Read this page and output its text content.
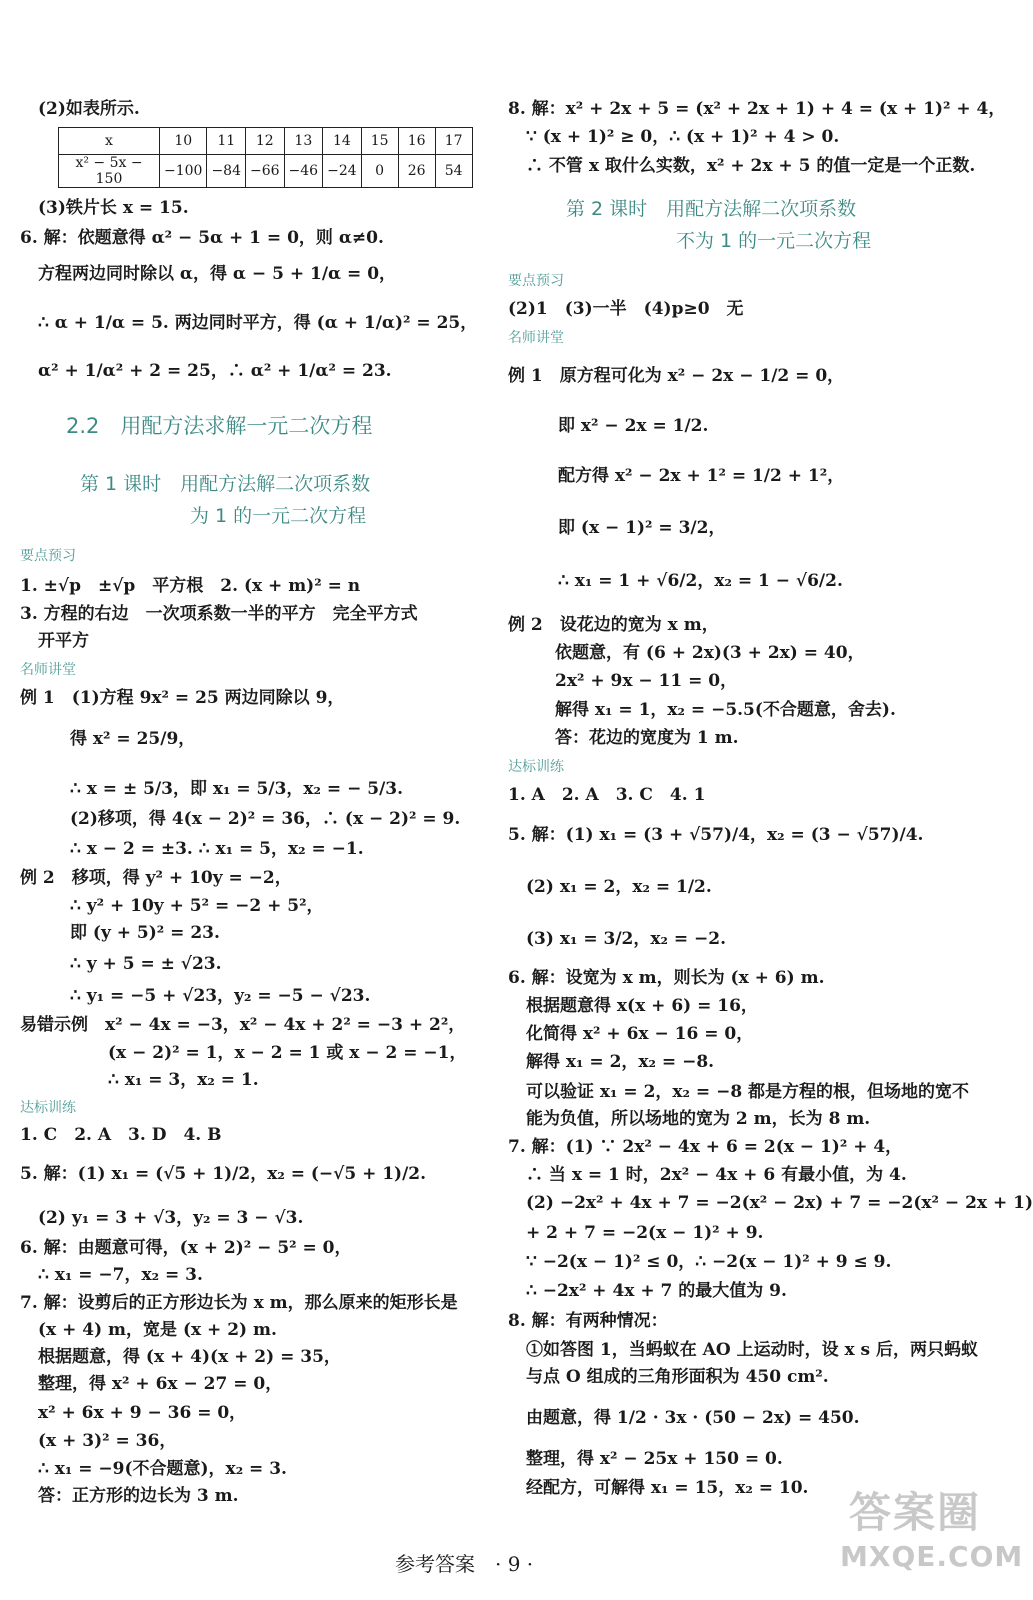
(2)如表所示.
x	10	11	12	13	14	15	16	17
x² − 5x − 150	−100	−84	−66	−46	−24	0	26	54
(3)铁片长 x = 15.
6. 解：依题意得 α² − 5α + 1 = 0，则 α≠0.
方程两边同时除以 α，得 α − 5 + 1/α = 0，
∴ α + 1/α = 5. 两边同时平方，得 (α + 1/α)² = 25，
α² + 1/α² + 2 = 25，∴ α² + 1/α² = 23.
2.2　用配方法求解一元二次方程
第 1 课时　用配方法解二次项系数
为 1 的一元二次方程
要点预习
1. ±√p　±√p　平方根　2. (x + m)² = n
3. 方程的右边　一次项系数一半的平方　完全平方式
开平方
名师讲堂
例 1　(1)方程 9x² = 25 两边同除以 9，
得 x² = 25/9，
∴ x = ± 5/3，即 x₁ = 5/3，x₂ = − 5/3.
(2)移项，得 4(x − 2)² = 36，∴ (x − 2)² = 9.
∴ x − 2 = ±3. ∴ x₁ = 5，x₂ = −1.
例 2　移项，得 y² + 10y = −2，
∴ y² + 10y + 5² = −2 + 5²，
即 (y + 5)² = 23.
∴ y + 5 = ± √23.
∴ y₁ = −5 + √23，y₂ = −5 − √23.
易错示例　x² − 4x = −3，x² − 4x + 2² = −3 + 2²，
(x − 2)² = 1，x − 2 = 1 或 x − 2 = −1，
∴ x₁ = 3，x₂ = 1.
达标训练
1. C　2. A　3. D　4. B
5. 解：(1) x₁ = (√5 + 1)/2，x₂ = (−√5 + 1)/2.
(2) y₁ = 3 + √3，y₂ = 3 − √3.
6. 解：由题意可得，(x + 2)² − 5² = 0，
∴ x₁ = −7，x₂ = 3.
7. 解：设剪后的正方形边长为 x m，那么原来的矩形长是
(x + 4) m，宽是 (x + 2) m.
根据题意，得 (x + 4)(x + 2) = 35，
整理，得 x² + 6x − 27 = 0，
x² + 6x + 9 − 36 = 0，
(x + 3)² = 36，
∴ x₁ = −9(不合题意)，x₂ = 3.
答：正方形的边长为 3 m.
8. 解：x² + 2x + 5 = (x² + 2x + 1) + 4 = (x + 1)² + 4，
∵ (x + 1)² ≥ 0，∴ (x + 1)² + 4 > 0.
∴ 不管 x 取什么实数，x² + 2x + 5 的值一定是一个正数.
第 2 课时　用配方法解二次项系数
不为 1 的一元二次方程
要点预习
(2)1　(3)一半　(4)p≥0　无
名师讲堂
例 1　原方程可化为 x² − 2x − 1/2 = 0，
即 x² − 2x = 1/2.
配方得 x² − 2x + 1² = 1/2 + 1²，
即 (x − 1)² = 3/2，
∴ x₁ = 1 + √6/2，x₂ = 1 − √6/2.
例 2　设花边的宽为 x m，
依题意，有 (6 + 2x)(3 + 2x) = 40，
2x² + 9x − 11 = 0，
解得 x₁ = 1，x₂ = −5.5(不合题意，舍去).
答：花边的宽度为 1 m.
达标训练
1. A　2. A　3. C　4. 1
5. 解：(1) x₁ = (3 + √57)/4，x₂ = (3 − √57)/4.
(2) x₁ = 2，x₂ = 1/2.
(3) x₁ = 3/2，x₂ = −2.
6. 解：设宽为 x m，则长为 (x + 6) m.
根据题意得 x(x + 6) = 16，
化简得 x² + 6x − 16 = 0，
解得 x₁ = 2，x₂ = −8.
可以验证 x₁ = 2，x₂ = −8 都是方程的根，但场地的宽不
能为负值，所以场地的宽为 2 m，长为 8 m.
7. 解：(1) ∵ 2x² − 4x + 6 = 2(x − 1)² + 4，
∴ 当 x = 1 时，2x² − 4x + 6 有最小值，为 4.
(2) −2x² + 4x + 7 = −2(x² − 2x) + 7 = −2(x² − 2x + 1)
+ 2 + 7 = −2(x − 1)² + 9.
∵ −2(x − 1)² ≤ 0，∴ −2(x − 1)² + 9 ≤ 9.
∴ −2x² + 4x + 7 的最大值为 9.
8. 解：有两种情况：
①如答图 1，当蚂蚁在 AO 上运动时，设 x s 后，两只蚂蚁
与点 O 组成的三角形面积为 450 cm².
由题意，得 1/2 · 3x · (50 − 2x) = 450.
整理，得 x² − 25x + 150 = 0.
经配方，可解得 x₁ = 15，x₂ = 10.
参考答案　· 9 ·
答案圈
MXQE.COM
